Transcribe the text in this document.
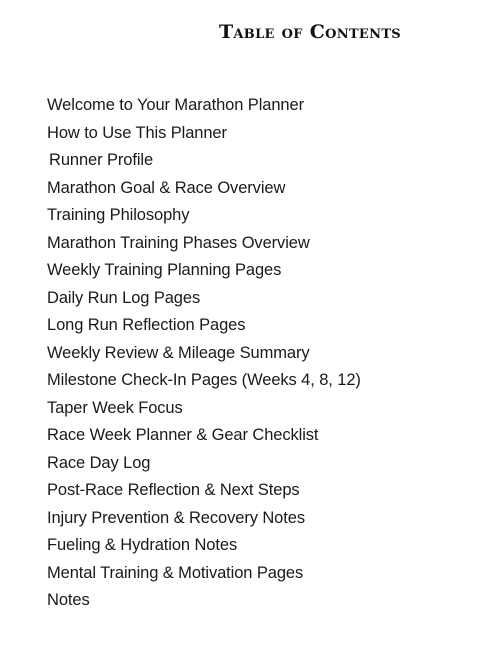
Table of Contents
Welcome to Your Marathon Planner
How to Use This Planner
Runner Profile
Marathon Goal & Race Overview
Training Philosophy
Marathon Training Phases Overview
Weekly Training Planning Pages
Daily Run Log Pages
Long Run Reflection Pages
Weekly Review & Mileage Summary
Milestone Check-In Pages (Weeks 4, 8, 12)
Taper Week Focus
Race Week Planner & Gear Checklist
Race Day Log
Post-Race Reflection & Next Steps
Injury Prevention & Recovery Notes
Fueling & Hydration Notes
Mental Training & Motivation Pages
Notes
